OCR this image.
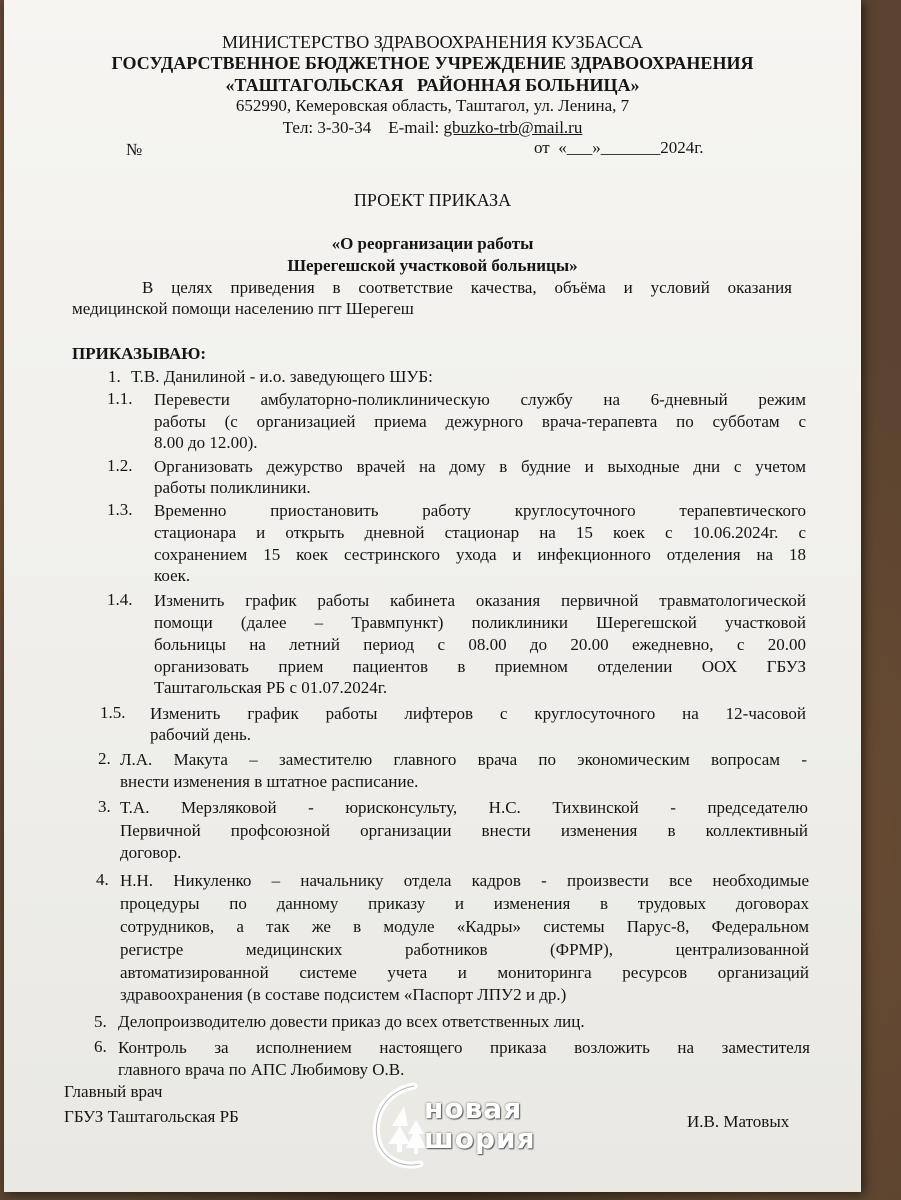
МИНИСТЕРСТВО ЗДРАВООХРАНЕНИЯ КУЗБАССА
ГОСУДАРСТВЕННОЕ БЮДЖЕТНОЕ УЧРЕЖДЕНИЕ ЗДРАВООХРАНЕНИЯ
«ТАШТАГОЛЬСКАЯ   РАЙОННАЯ БОЛЬНИЦА»
652990, Кемеровская область, Таштагол, ул. Ленина, 7
Тел: 3-30-34    E-mail: gbuzko-trb@mail.ru
№	от  «___»_______2024г.
ПРОЕКТ ПРИКАЗА
«О реорганизации работы
Шерегешской участковой больницы»
В целях приведения в соответствие качества, объёма и условий оказания
медицинской помощи населению пгт Шерегеш
ПРИКАЗЫВАЮ:
1. Т.В. Данилиной - и.о. заведующего ШУБ:
1.1. Перевести амбулаторно-поликлиническую службу на 6-дневный режим
работы (с организацией приема дежурного врача-терапевта по субботам с
8.00 до 12.00).
1.2. Организовать дежурство врачей на дому в будние и выходные дни с учетом
работы поликлиники.
1.3. Временно приостановить работу круглосуточного терапевтического
стационара и открыть дневной стационар на 15 коек с 10.06.2024г. с
сохранением 15 коек сестринского ухода и инфекционного отделения на 18
коек.
1.4. Изменить график работы кабинета оказания первичной травматологической
помощи (далее – Травмпункт) поликлиники Шерегешской участковой
больницы на летний период с 08.00 до 20.00 ежедневно, с 20.00
организовать прием пациентов в приемном отделении ООХ ГБУЗ
Таштагольская РБ с 01.07.2024г.
1.5. Изменить график работы лифтеров с круглосуточного на 12-часовой
рабочий день.
2. Л.А. Макута – заместителю главного врача по экономическим вопросам -
внести изменения в штатное расписание.
3. Т.А. Мерзляковой - юрисконсульту, Н.С. Тихвинской - председателю
Первичной профсоюзной организации внести изменения в коллективный
договор.
4. Н.Н. Никуленко – начальнику отдела кадров - произвести все необходимые
процедуры по данному приказу и изменения в трудовых договорах
сотрудников, а так же в модуле «Кадры» системы Парус-8, Федеральном
регистре медицинских работников (ФРМР), централизованной
автоматизированной системе учета и мониторинга ресурсов организаций
здравоохранения (в составе подсистем «Паспорт ЛПУ2 и др.)
5. Делопроизводителю довести приказ до всех ответственных лиц.
6. Контроль за исполнением настоящего приказа возложить на заместителя
главного врача по АПС Любимову О.В.
Главный врач
ГБУЗ Таштагольская РБ	И.В. Матовых
новая
шория
